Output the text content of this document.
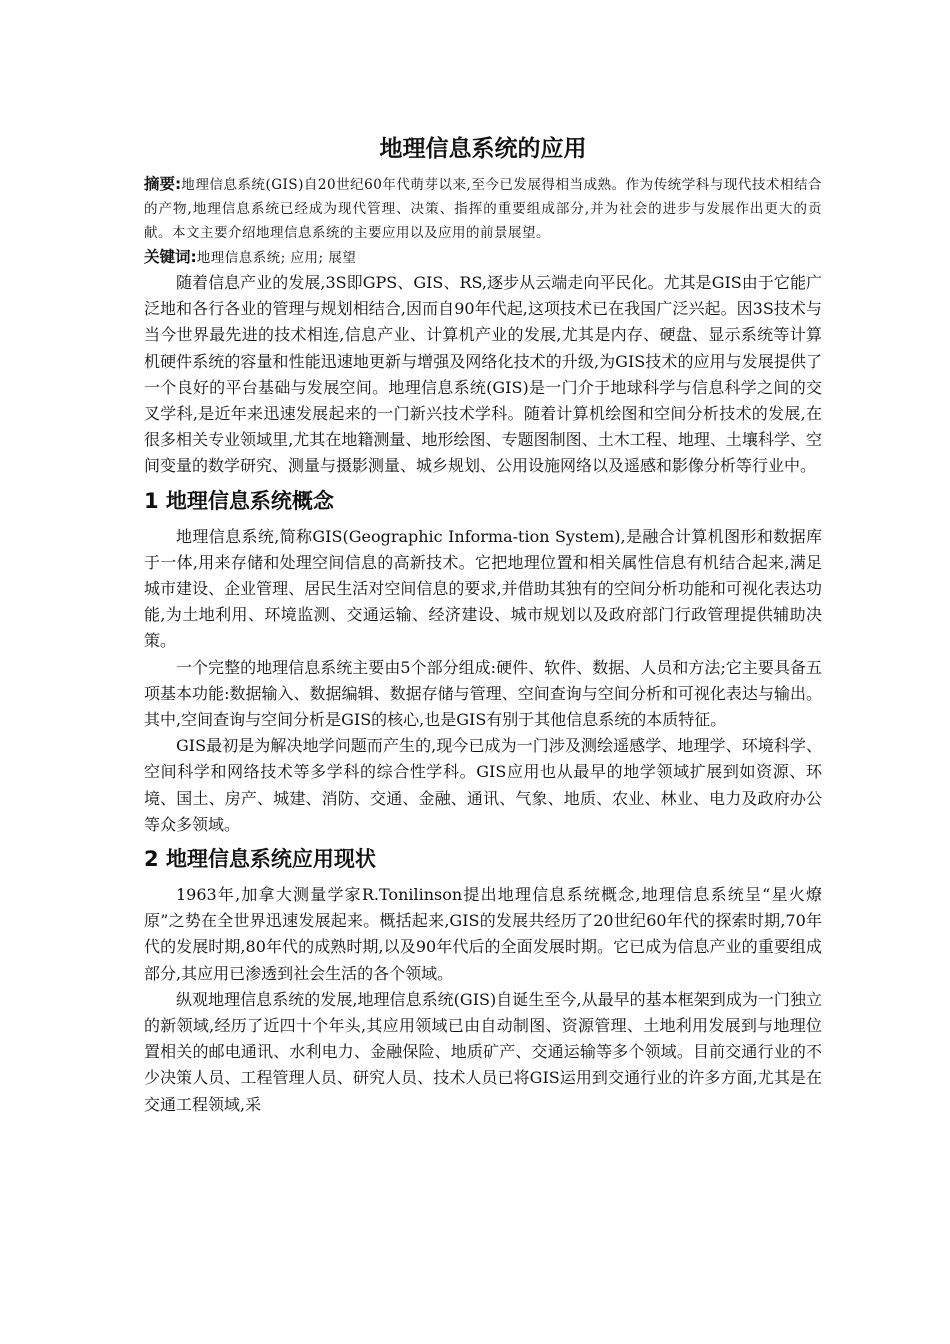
地理信息系统的应用

摘要:地理信息系统(GIS)自20世纪60年代萌芽以来,至今已发展得相当成熟。作为传统学科与现代技术相结合的产物,地理信息系统已经成为现代管理、决策、指挥的重要组成部分,并为社会的进步与发展作出更大的贡献。本文主要介绍地理信息系统的主要应用以及应用的前景展望。

关键词:地理信息系统; 应用; 展望

随着信息产业的发展,3S即GPS、GIS、RS,逐步从云端走向平民化。尤其是GIS由于它能广泛地和各行各业的管理与规划相结合,因而自90年代起,这项技术已在我国广泛兴起。因3S技术与当今世界最先进的技术相连,信息产业、计算机产业的发展,尤其是内存、硬盘、显示系统等计算机硬件系统的容量和性能迅速地更新与增强及网络化技术的升级,为GIS技术的应用与发展提供了一个良好的平台基础与发展空间。地理信息系统(GIS)是一门介于地球科学与信息科学之间的交叉学科,是近年来迅速发展起来的一门新兴技术学科。随着计算机绘图和空间分析技术的发展,在很多相关专业领域里,尤其在地籍测量、地形绘图、专题图制图、土木工程、地理、土壤科学、空间变量的数学研究、测量与摄影测量、城乡规划、公用设施网络以及遥感和影像分析等行业中。

1 地理信息系统概念

地理信息系统,简称GIS(Geographic Informa-tion System),是融合计算机图形和数据库于一体,用来存储和处理空间信息的高新技术。它把地理位置和相关属性信息有机结合起来,满足城市建设、企业管理、居民生活对空间信息的要求,并借助其独有的空间分析功能和可视化表达功能,为土地利用、环境监测、交通运输、经济建设、城市规划以及政府部门行政管理提供辅助决策。

一个完整的地理信息系统主要由5个部分组成:硬件、软件、数据、人员和方法;它主要具备五项基本功能:数据输入、数据编辑、数据存储与管理、空间查询与空间分析和可视化表达与输出。其中,空间查询与空间分析是GIS的核心,也是GIS有别于其他信息系统的本质特征。

GIS最初是为解决地学问题而产生的,现今已成为一门涉及测绘遥感学、地理学、环境科学、空间科学和网络技术等多学科的综合性学科。GIS应用也从最早的地学领域扩展到如资源、环境、国土、房产、城建、消防、交通、金融、通讯、气象、地质、农业、林业、电力及政府办公等众多领域。

2 地理信息系统应用现状

1963年,加拿大测量学家R.Tonilinson提出地理信息系统概念,地理信息系统呈“星火燎原”之势在全世界迅速发展起来。概括起来,GIS的发展共经历了20世纪60年代的探索时期,70年代的发展时期,80年代的成熟时期,以及90年代后的全面发展时期。它已成为信息产业的重要组成部分,其应用已渗透到社会生活的各个领域。

纵观地理信息系统的发展,地理信息系统(GIS)自诞生至今,从最早的基本框架到成为一门独立的新领域,经历了近四十个年头,其应用领域已由自动制图、资源管理、土地利用发展到与地理位置相关的邮电通讯、水利电力、金融保险、地质矿产、交通运输等多个领域。目前交通行业的不少决策人员、工程管理人员、研究人员、技术人员已将GIS运用到交通行业的许多方面,尤其是在交通工程领域,采
